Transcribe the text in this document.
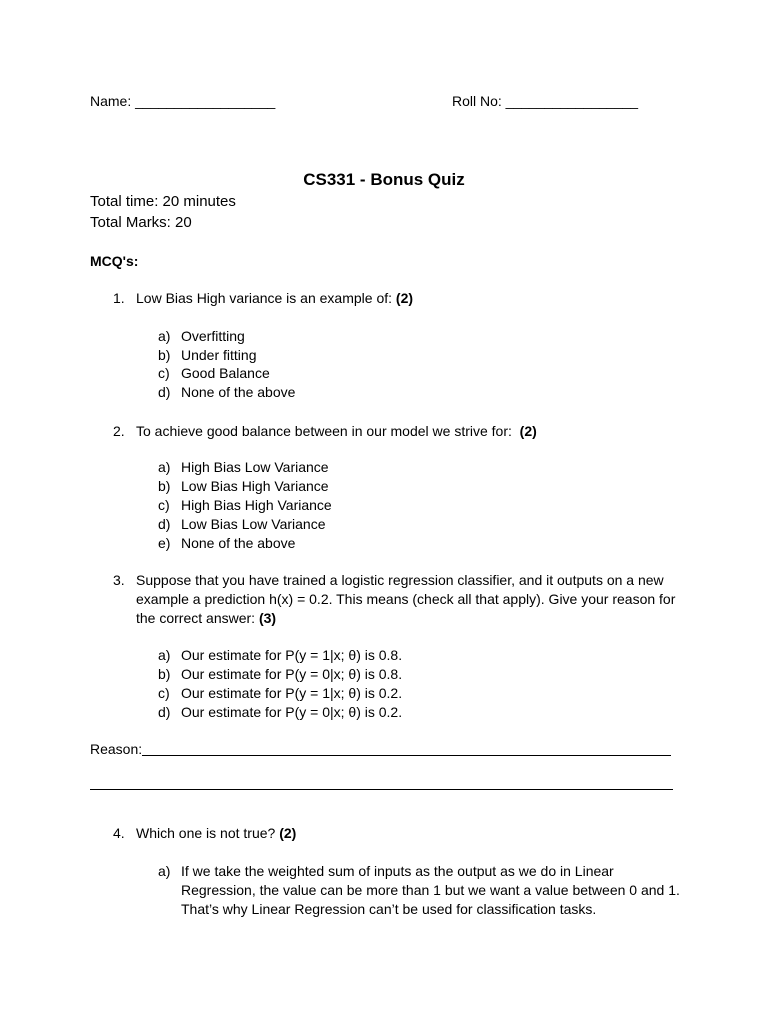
Name: __________________	Roll No: _________________
CS331 - Bonus Quiz
Total time: 20 minutes
Total Marks: 20
MCQ's:
1. Low Bias High variance is an example of: (2)
a) Overfitting
b) Under fitting
c) Good Balance
d) None of the above
2. To achieve good balance between in our model we strive for:  (2)
a) High Bias Low Variance
b) Low Bias High Variance
c) High Bias High Variance
d) Low Bias Low Variance
e) None of the above
3. Suppose that you have trained a logistic regression classifier, and it outputs on a new example a prediction h(x) = 0.2. This means (check all that apply). Give your reason for the correct answer: (3)
a) Our estimate for P(y = 1|x; θ) is 0.8.
b) Our estimate for P(y = 0|x; θ) is 0.8.
c) Our estimate for P(y = 1|x; θ) is 0.2.
d) Our estimate for P(y = 0|x; θ) is 0.2.
Reason:
4. Which one is not true? (2)
a) If we take the weighted sum of inputs as the output as we do in Linear Regression, the value can be more than 1 but we want a value between 0 and 1. That’s why Linear Regression can’t be used for classification tasks.
